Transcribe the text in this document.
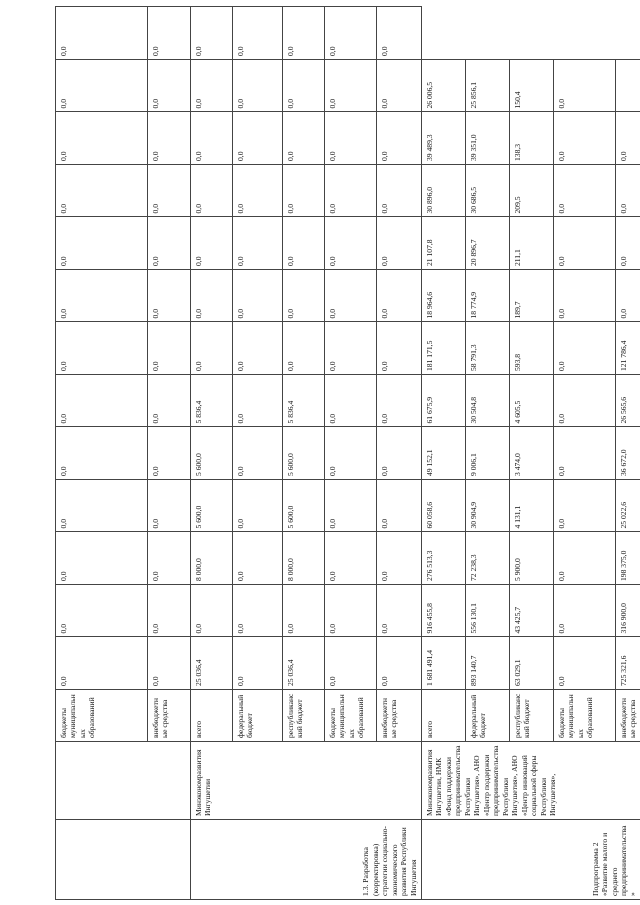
		бюджеты муниципальных образований	0,0	0,0	0,0	0,0	0,0	0,0	0,0	0,0	0,0	0,0	0,0	0,0	0,0
		внебюджетные средства	0,0	0,0	0,0	0,0	0,0	0,0	0,0	0,0	0,0	0,0	0,0	0,0	0,0
1.3. Разработка (корректировка) стратегии социально-экономического развития Республики Ингушетия	Минэкономразвития Ингушетии	всего	25 036,4	0,0	8 000,0	5 600,0	5 600,0	5 836,4	0,0	0,0	0,0	0,0	0,0	0,0	0,0
		федеральный бюджет	0,0	0,0	0,0	0,0	0,0	0,0	0,0	0,0	0,0	0,0	0,0	0,0	0,0
		республиканский бюджет	25 036,4	0,0	8 000,0	5 600,0	5 600,0	5 836,4	0,0	0,0	0,0	0,0	0,0	0,0	0,0
		бюджеты муниципальных образований	0,0	0,0	0,0	0,0	0,0	0,0	0,0	0,0	0,0	0,0	0,0	0,0	0,0
		внебюджетные средства	0,0	0,0	0,0	0,0	0,0	0,0	0,0	0,0	0,0	0,0	0,0	0,0	0,0
Подпрограмма 2 «Развитие малого и среднего предпринимательства»	Минэкономразвития Ингушетии, НМК «Фонд поддержки предпринимательства Республики Ингушетия», АНО «Центр поддержки предпринимательства Республики Ингушетия», АНО «Центр инноваций социальной сферы Республики Ингушетия»,	всего	1 681 491,4	916 455,8	276 513,3	60 058,6	49 152,1	61 675,9	181 171,5	18 964,6	21 107,8	30 896,0	39 489,3	26 006,5	
		федеральный бюджет	893 140,7	556 130,1	72 238,3	30 904,9	9 006,1	30 504,8	58 791,3	18 774,9	20 896,7	30 686,5	39 351,0	25 856,1	
		республиканский бюджет	63 029,1	43 425,7	5 900,0	4 131,1	3 474,0	4 605,5	593,8	189,7	211,1	209,5	138,3	150,4	
		бюджеты муниципальных образований	0,0	0,0	0,0	0,0	0,0	0,0	0,0	0,0	0,0	0,0	0,0	0,0	
		внебюджетные средства	725 321,6	316 900,0	198 375,0	25 022,6	36 672,0	26 565,6	121 786,4	0,0	0,0	0,0	0,0		
